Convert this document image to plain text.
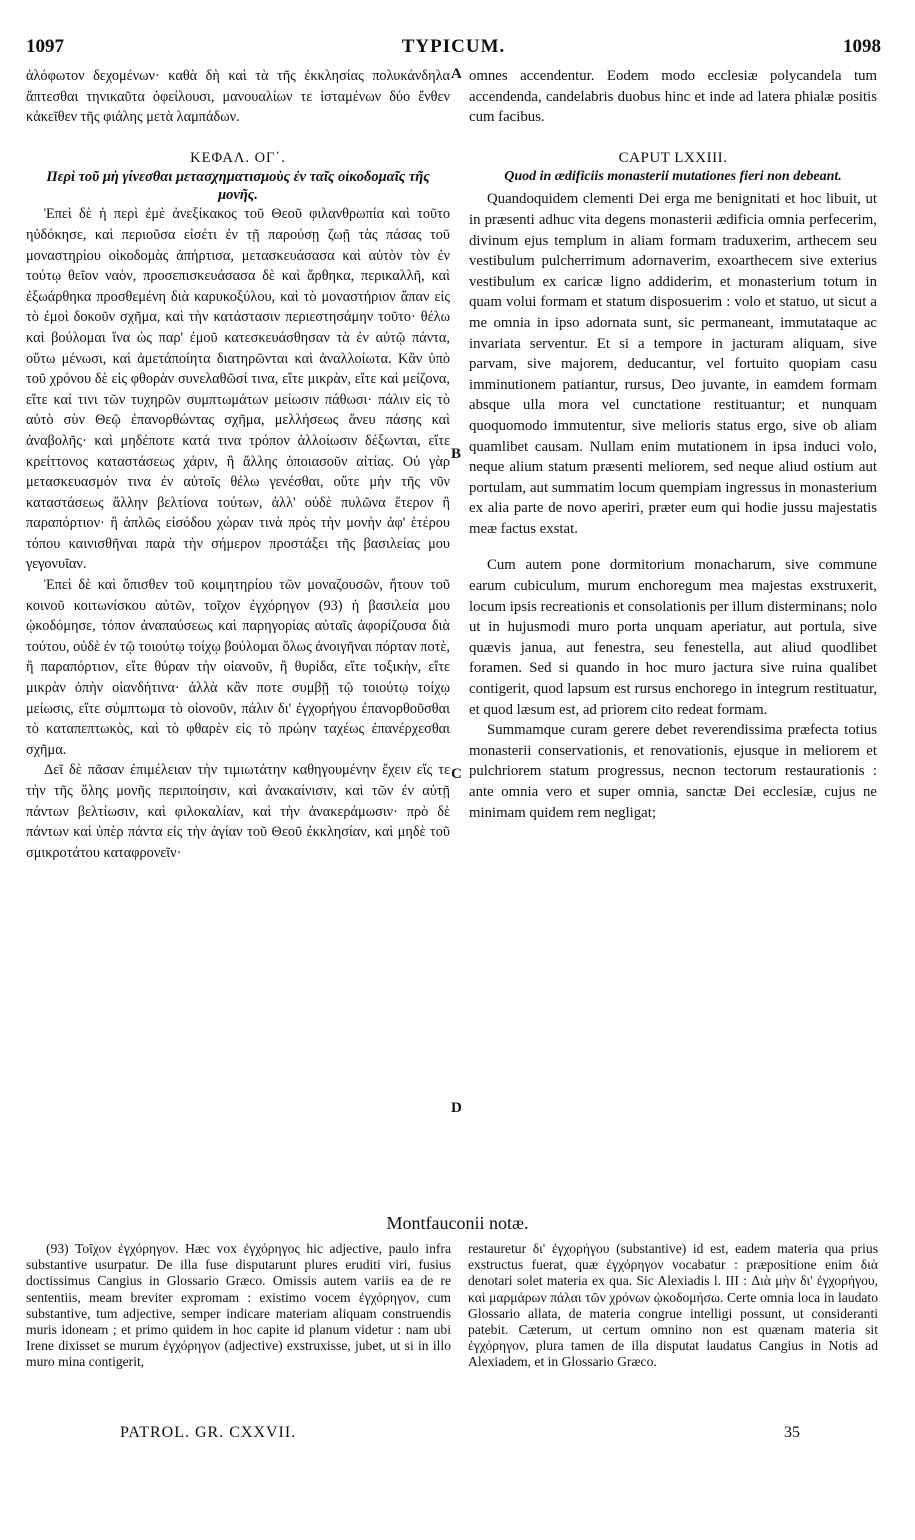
1097	TYPICUM.	1098

ἀλόφωτον δεχομένων· καθὰ δὴ καὶ τὰ τῆς ἐκκλησίας πολυκάνδηλα ἅπτεσθαι τηνικαῦτα ὀφείλουσι, μανουαλίων τε ἱσταμένων δύο ἔνθεν κἀκεῖθεν τῆς φιάλης μετὰ λαμπάδων.

ΚΕΦΑΛ. ΟΓ΄.

Περὶ τοῦ μὴ γίνεσθαι μετασχηματισμοὺς ἐν ταῖς οἰκοδομαῖς τῆς μονῆς.

Ἐπεὶ δὲ ἡ περὶ ἐμὲ ἀνεξίκακος τοῦ Θεοῦ φιλανθρωπία καὶ τοῦτο ηὐδόκησε, καὶ περιοῦσα εἰσέτι ἐν τῇ παρούσῃ ζωῇ τὰς πάσας τοῦ μοναστηρίου οἰκοδομὰς ἀπήρτισα, μετασκευάσασα καὶ αὐτὸν τὸν ἐν τούτῳ θεῖον ναὸν, προσεπισκευάσασα δὲ καὶ ἄρθηκα, περικαλλῆ, καὶ ἐξωάρθηκα προσθεμένη διὰ καρυκοξύλου, καὶ τὸ μοναστήριον ἅπαν εἰς τὸ ἐμοὶ δοκοῦν σχῆμα, καὶ τὴν κατάστασιν περιεστησάμην τοῦτο· θέλω καὶ βούλομαι ἵνα ὡς παρ' ἐμοῦ κατεσκευάσθησαν τὰ ἐν αὐτῷ πάντα, οὕτω μένωσι, καὶ ἀμετάποίητα διατηρῶνται καὶ ἀναλλοίωτα. Κἂν ὑπὸ τοῦ χρόνου δὲ εἰς φθορὰν συνελαθῶσί τινα, εἴτε μικρὰν, εἴτε καὶ μείζονα, εἴτε καί τινι τῶν τυχηρῶν συμπτωμάτων μείωσιν πάθωσι· πάλιν εἰς τὸ αὐτὸ σὺν Θεῷ ἐπανορθώντας σχῆμα, μελλήσεως ἄνευ πάσης καὶ ἀναβολῆς· καὶ μηδέποτε κατά τινα τρόπον ἀλλοίωσιν δέξωνται, εἴτε κρείττονος καταστάσεως χάριν, ἢ ἄλλης ὁποιασοῦν αἰτίας. Οὐ γὰρ μετασκευασμόν τινα ἐν αὐτοῖς θέλω γενέσθαι, οὔτε μὴν τῆς νῦν καταστάσεως ἄλλην βελτίονα τούτων, ἀλλ' οὐδὲ πυλῶνα ἕτερον ἢ παραπόρτιον· ἢ ἁπλῶς εἰσόδου χώραν τινὰ πρὸς τὴν μονὴν ἀφ' ἑτέρου τόπου καινισθῆναι παρὰ τὴν σήμερον προστάξει τῆς βασιλείας μου γεγονυῖαν.

Ἐπεὶ δὲ καὶ ὄπισθεν τοῦ κοιμητηρίου τῶν μοναζουσῶν, ἤτουν τοῦ κοινοῦ κοιτωνίσκου αὐτῶν, τοῖχον ἐγχόρηγον (93) ἡ βασιλεία μου ᾠκοδόμησε, τόπον ἀναπαύσεως καὶ παρηγορίας αὐταῖς ἀφορίζουσα διὰ τούτου, οὐδὲ ἐν τῷ τοιούτῳ τοίχῳ βούλομαι ὅλως ἀνοιγῆναι πόρταν ποτὲ, ἢ παραπόρτιον, εἴτε θύραν τὴν οἱανοῦν, ἢ θυρίδα, εἴτε τοξικὴν, εἴτε μικρὰν ὀπὴν οἱανδήτινα· ἀλλὰ κἂν ποτε συμβῇ τῷ τοιούτῳ τοίχῳ μείωσις, εἴτε σύμπτωμα τὸ οἱονοῦν, πάλιν δι' ἐγχορήγου ἐπανορθοῦσθαι τὸ καταπεπτωκὸς, καὶ τὸ φθαρὲν εἰς τὸ πρώην ταχέως ἐπανέρχεσθαι σχῆμα.

Δεῖ δὲ πᾶσαν ἐπιμέλειαν τὴν τιμιωτάτην καθηγουμένην ἔχειν εἴς τε τὴν τῆς ὅλης μονῆς περιποίησιν, καὶ ἀνακαίνισιν, καὶ τῶν ἐν αὐτῇ πάντων βελτίωσιν, καὶ φιλοκαλίαν, καὶ τὴν ἀνακεράμωσιν· πρὸ δὲ πάντων καὶ ὑπὲρ πάντα εἰς τὴν ἁγίαν τοῦ Θεοῦ ἐκκλησίαν, καὶ μηδὲ τοῦ σμικροτάτου καταφρονεῖν·

omnes accendentur. Eodem modo ecclesiæ polycandela tum accendenda, candelabris duobus hinc et inde ad latera phialæ positis cum facibus.

CAPUT LXXIII.

Quod in ædificiis monasterii mutationes fieri non debeant.

Quandoquidem clementi Dei erga me benignitati et hoc libuit, ut in præsenti adhuc vita degens monasterii ædificia omnia perfecerim, divinum ejus templum in aliam formam traduxerim, arthecem seu vestibulum pulcherrimum adornaverim, exoarthecem sive exterius vestibulum ex caricæ ligno addiderim, et monasterium totum in quam volui formam et statum disposuerim : volo et statuo, ut sicut a me omnia in ipso adornata sunt, sic permaneant, immutataque ac invariata serventur. Et si a tempore in jacturam aliquam, sive parvam, sive majorem, deducantur, vel fortuito quopiam casu imminutionem patiantur, rursus, Deo juvante, in eamdem formam absque ulla mora vel cunctatione restituantur; et nunquam quoquomodo immutentur, sive melioris status ergo, sive ob aliam quamlibet causam. Nullam enim mutationem in ipsa induci volo, neque alium statum præsenti meliorem, sed neque aliud ostium aut portulam, aut summatim locum quempiam ingressus in monasterium ex alia parte de novo aperiri, præter eum qui hodie jussu majestatis meæ factus exstat.

Cum autem pone dormitorium monacharum, sive commune earum cubiculum, murum enchoregum mea majestas exstruxerit, locum ipsis recreationis et consolationis per illum disterminans; nolo ut in hujusmodi muro porta unquam aperiatur, aut portula, sive quævis janua, aut fenestra, seu fenestella, aut aliud quodlibet foramen. Sed si quando in hoc muro jactura sive ruina qualibet contigerit, quod lapsum est rursus enchorego in integrum restituatur, et quod læsum est, ad priorem cito redeat formam.

Summamque curam gerere debet reverendissima præfecta totius monasterii conservationis, et renovationis, ejusque in meliorem et pulchriorem statum progressus, necnon tectorum restaurationis : ante omnia vero et super omnia, sanctæ Dei ecclesiæ, cujus ne minimam quidem rem negligat;

A
B
C
D
Montfauconii notæ.

(93) Τοῖχον ἐγχόρηγον. Hæc vox ἐγχόρηγος hic adjective, paulo infra substantive usurpatur. De illa fuse disputarunt plures eruditi viri, fusius doctissimus Cangius in Glossario Græco. Omissis autem variis ea de re sententiis, meam breviter expromam : existimo vocem ἐγχόρηγον, cum substantive, tum adjective, semper indicare materiam aliquam construendis muris idoneam ; et primo quidem in hoc capite id planum videtur : nam ubi Irene dixisset se murum ἐγχόρηγον (adjective) exstruxisse, jubet, ut si in illo muro mina contigerit,

restauretur δι' ἐγχορήγου (substantive) id est, eadem materia qua prius exstructus fuerat, quæ ἐγχόρηγον vocabatur : præpositione enim διὰ denotari solet materia ex qua. Sic Alexiadis l. III : Διὰ μὴν δι' ἐγχορήγου, καὶ μαρμάρων πάλαι τῶν χρόνων ᾠκοδομήσω. Certe omnia loca in laudato Glossario allata, de materia congrue intelligi possunt, ut consideranti patebit. Cæterum, ut certum omnino non est quænam materia sit ἐγχόρηγον, plura tamen de illa disputat laudatus Cangius in Notis ad Alexiadem, et in Glossario Græco.

PATROL. GR. CXXVII.	35
